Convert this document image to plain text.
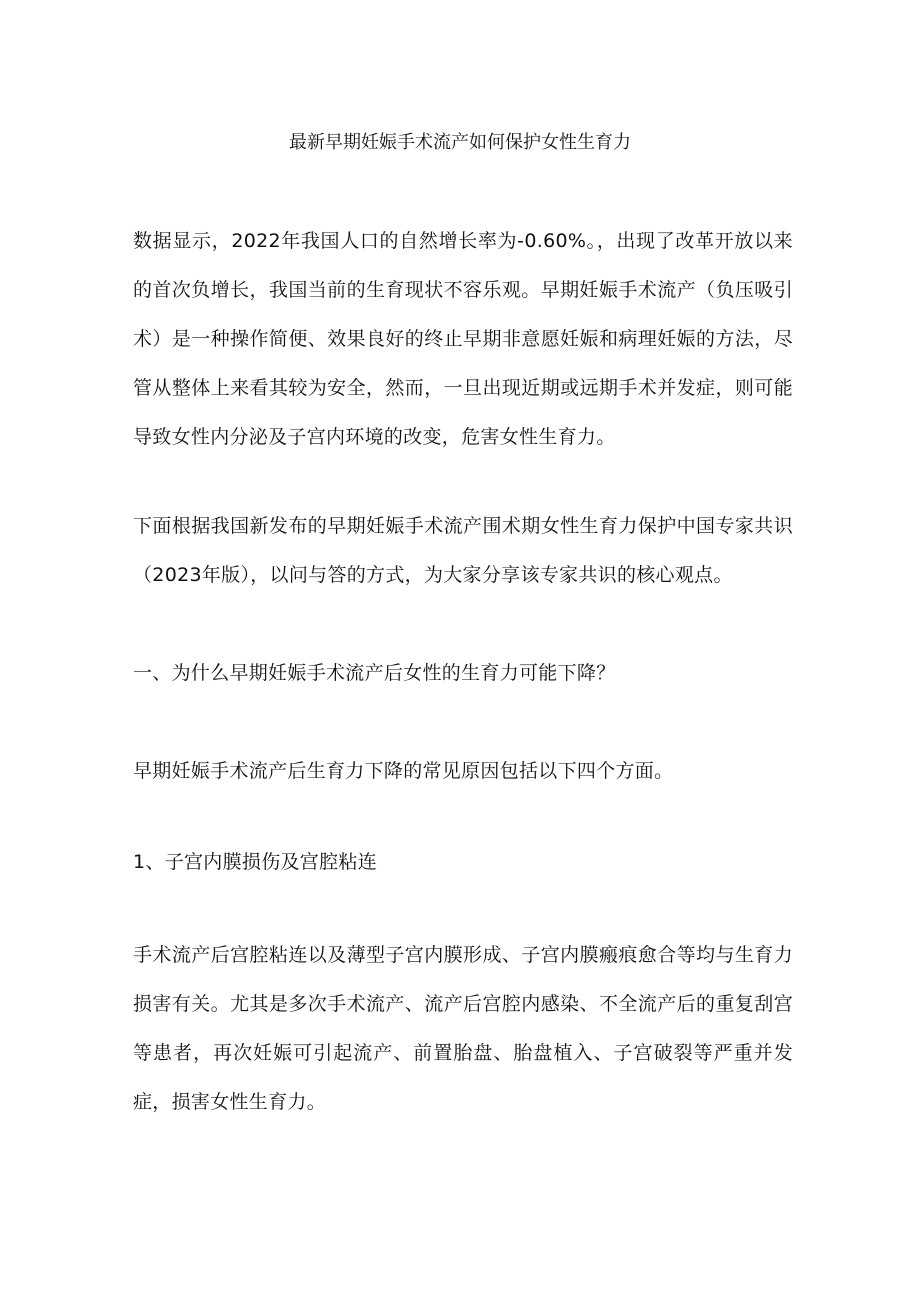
最新早期妊娠手术流产如何保护女性生育力

数据显示，2022年我国人口的自然增长率为-0.60%。，出现了改革开放以来的首次负增长，我国当前的生育现状不容乐观。早期妊娠手术流产（负压吸引术）是一种操作简便、效果良好的终止早期非意愿妊娠和病理妊娠的方法，尽管从整体上来看其较为安全，然而，一旦出现近期或远期手术并发症，则可能导致女性内分泌及子宫内环境的改变，危害女性生育力。

下面根据我国新发布的早期妊娠手术流产围术期女性生育力保护中国专家共识（2023年版），以问与答的方式，为大家分享该专家共识的核心观点。

一、为什么早期妊娠手术流产后女性的生育力可能下降？

早期妊娠手术流产后生育力下降的常见原因包括以下四个方面。

1、子宫内膜损伤及宫腔粘连

手术流产后宫腔粘连以及薄型子宫内膜形成、子宫内膜瘢痕愈合等均与生育力损害有关。尤其是多次手术流产、流产后宫腔内感染、不全流产后的重复刮宫等患者，再次妊娠可引起流产、前置胎盘、胎盘植入、子宫破裂等严重并发症，损害女性生育力。
